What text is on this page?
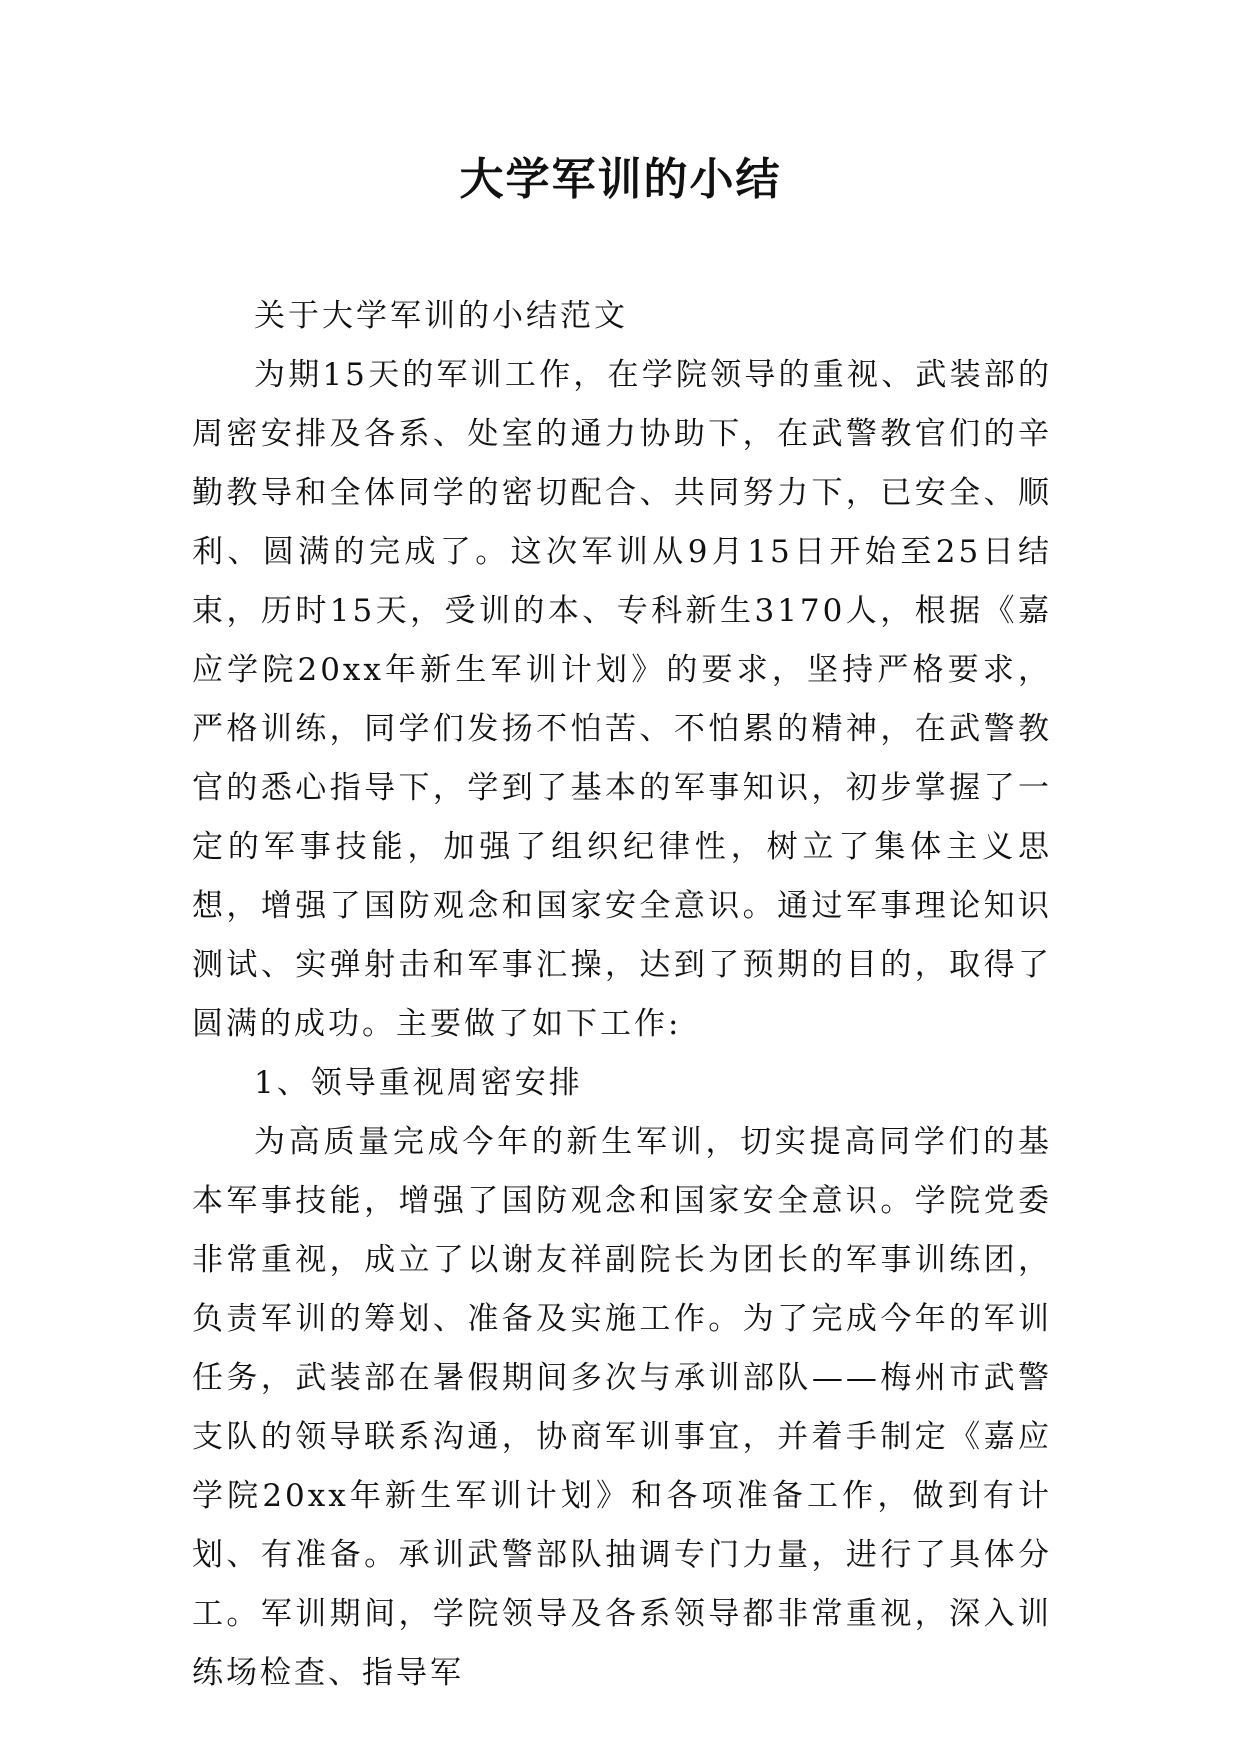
大学军训的小结

关于大学军训的小结范文

为期15天的军训工作，在学院领导的重视、武装部的周密安排及各系、处室的通力协助下，在武警教官们的辛勤教导和全体同学的密切配合、共同努力下，已安全、顺利、圆满的完成了。这次军训从9月15日开始至25日结束，历时15天，受训的本、专科新生3170人，根据《嘉应学院20xx年新生军训计划》的要求，坚持严格要求，严格训练，同学们发扬不怕苦、不怕累的精神，在武警教官的悉心指导下，学到了基本的军事知识，初步掌握了一定的军事技能，加强了组织纪律性，树立了集体主义思想，增强了国防观念和国家安全意识。通过军事理论知识测试、实弹射击和军事汇操，达到了预期的目的，取得了圆满的成功。主要做了如下工作:

1、领导重视周密安排

为高质量完成今年的新生军训，切实提高同学们的基本军事技能，增强了国防观念和国家安全意识。学院党委非常重视，成立了以谢友祥副院长为团长的军事训练团，负责军训的筹划、准备及实施工作。为了完成今年的军训任务，武装部在暑假期间多次与承训部队——梅州市武警支队的领导联系沟通，协商军训事宜，并着手制定《嘉应学院20xx年新生军训计划》和各项准备工作，做到有计划、有准备。承训武警部队抽调专门力量，进行了具体分工。军训期间，学院领导及各系领导都非常重视，深入训练场检查、指导军
